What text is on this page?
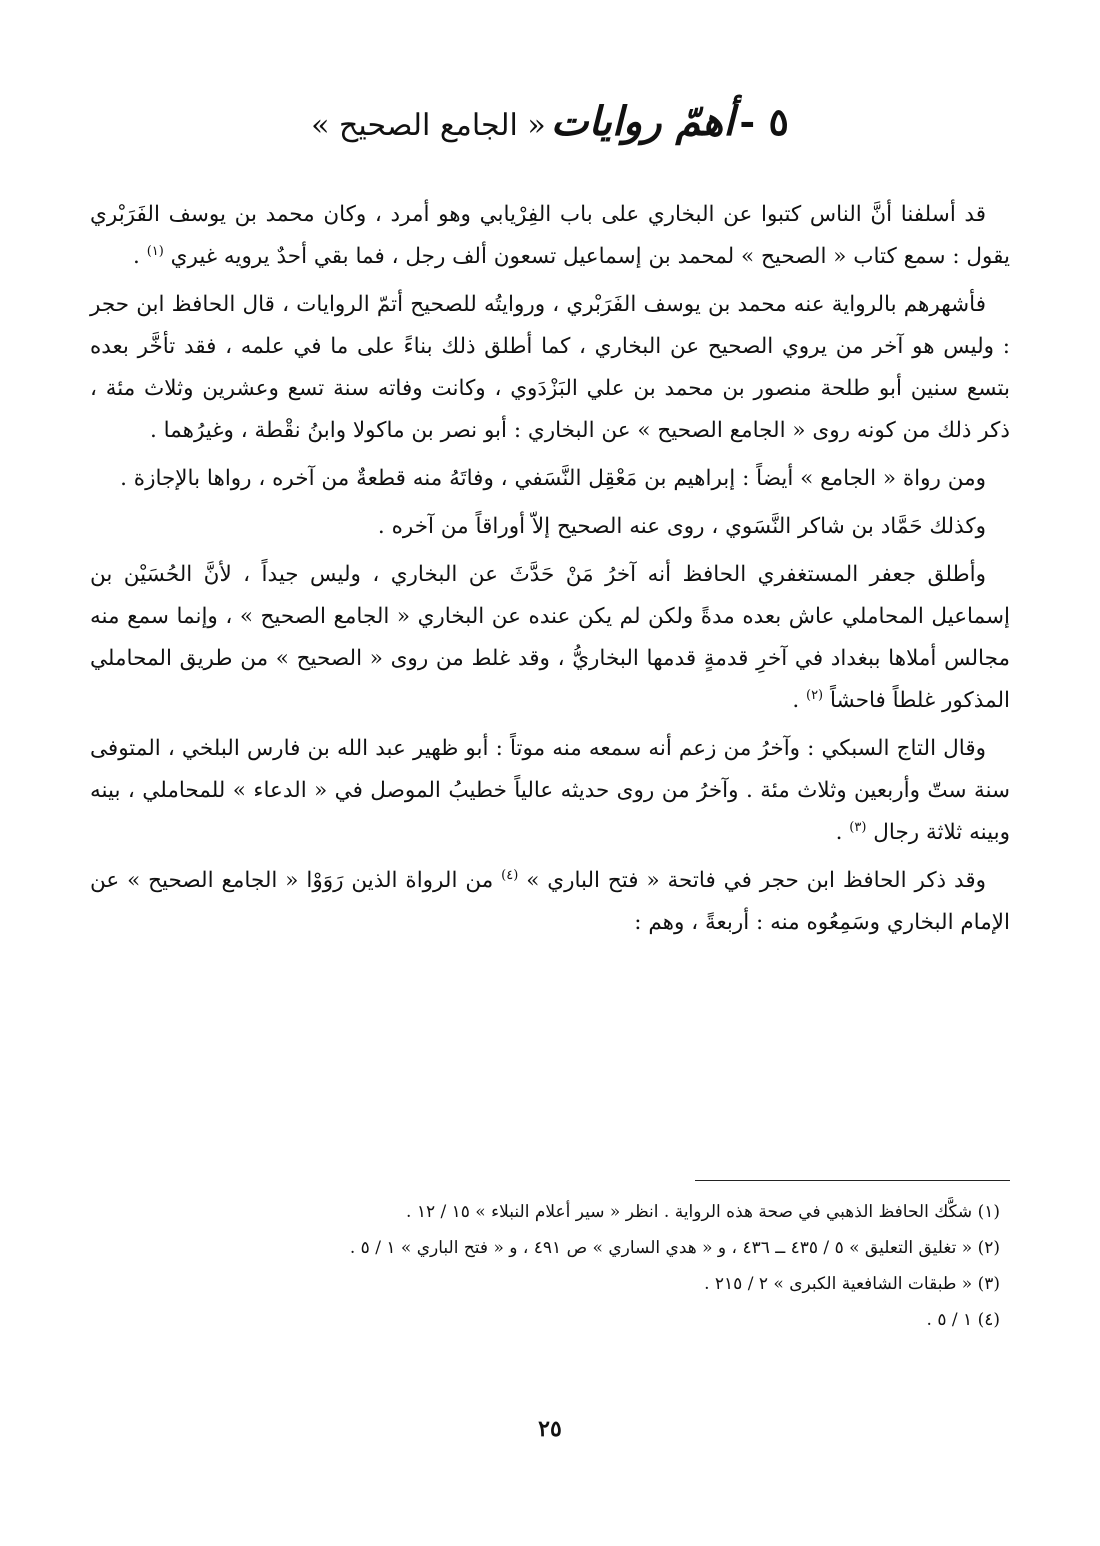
٥ - أهمّ روايات « الجامع الصحيح »

قد أسلفنا أنَّ الناس كتبوا عن البخاري على باب الفِرْيابي وهو أمرد ، وكان محمد بن يوسف الفَرَبْري يقول : سمع كتاب « الصحيح » لمحمد بن إسماعيل تسعون ألف رجل ، فما بقي أحدٌ يرويه غيري $^{(١)}$ .

فأشهرهم بالرواية عنه محمد بن يوسف الفَرَبْري ، وروايتُه للصحيح أتمّ الروايات ، قال الحافظ ابن حجر : وليس هو آخر من يروي الصحيح عن البخاري ، كما أطلق ذلك بناءً على ما في علمه ، فقد تأخَّر بعده بتسع سنين أبو طلحة منصور بن محمد بن علي البَزْدَوي ، وكانت وفاته سنة تسع وعشرين وثلاث مئة ، ذكر ذلك من كونه روى « الجامع الصحيح » عن البخاري : أبو نصر بن ماكولا وابنُ نقْطة ، وغيرُهما .

ومن رواة « الجامع » أيضاً : إبراهيم بن مَعْقِل النَّسَفي ، وفاتَهُ منه قطعةٌ من آخره ، رواها بالإجازة .

وكذلك حَمَّاد بن شاكر النَّسَوي ، روى عنه الصحيح إلاّ أوراقاً من آخره .

وأطلق جعفر المستغفري الحافظ أنه آخرُ مَنْ حَدَّثَ عن البخاري ، وليس جيداً ، لأنَّ الحُسَيْن بن إسماعيل المحاملي عاش بعده مدةً ولكن لم يكن عنده عن البخاري « الجامع الصحيح » ، وإنما سمع منه مجالس أملاها ببغداد في آخرِ قدمةٍ قدمها البخاريُّ ، وقد غلط من روى « الصحيح » من طريق المحاملي المذكور غلطاً فاحشاً $^{(٢)}$ .

وقال التاج السبكي : وآخرُ من زعم أنه سمعه منه موتاً : أبو ظهير عبد الله بن فارس البلخي ، المتوفى سنة ستّ وأربعين وثلاث مئة . وآخرُ من روى حديثه عالياً خطيبُ الموصل في « الدعاء » للمحاملي ، بينه وبينه ثلاثة رجال $^{(٣)}$ .

وقد ذكر الحافظ ابن حجر في فاتحة « فتح الباري » $^{(٤)}$ من الرواة الذين رَوَوْا « الجامع الصحيح » عن الإمام البخاري وسَمِعُوه منه : أربعةً ، وهم :

(١) شكَّك الحافظ الذهبي في صحة هذه الرواية . انظر « سير أعلام النبلاء » ١٥ / ١٢ .
(٢) « تغليق التعليق » ٥ / ٤٣٥ ــ ٤٣٦ ، و « هدي الساري » ص ٤٩١ ، و « فتح الباري » ١ / ٥ .
(٣) « طبقات الشافعية الكبرى » ٢ / ٢١٥ .
(٤) ١ / ٥ .
٢٥
